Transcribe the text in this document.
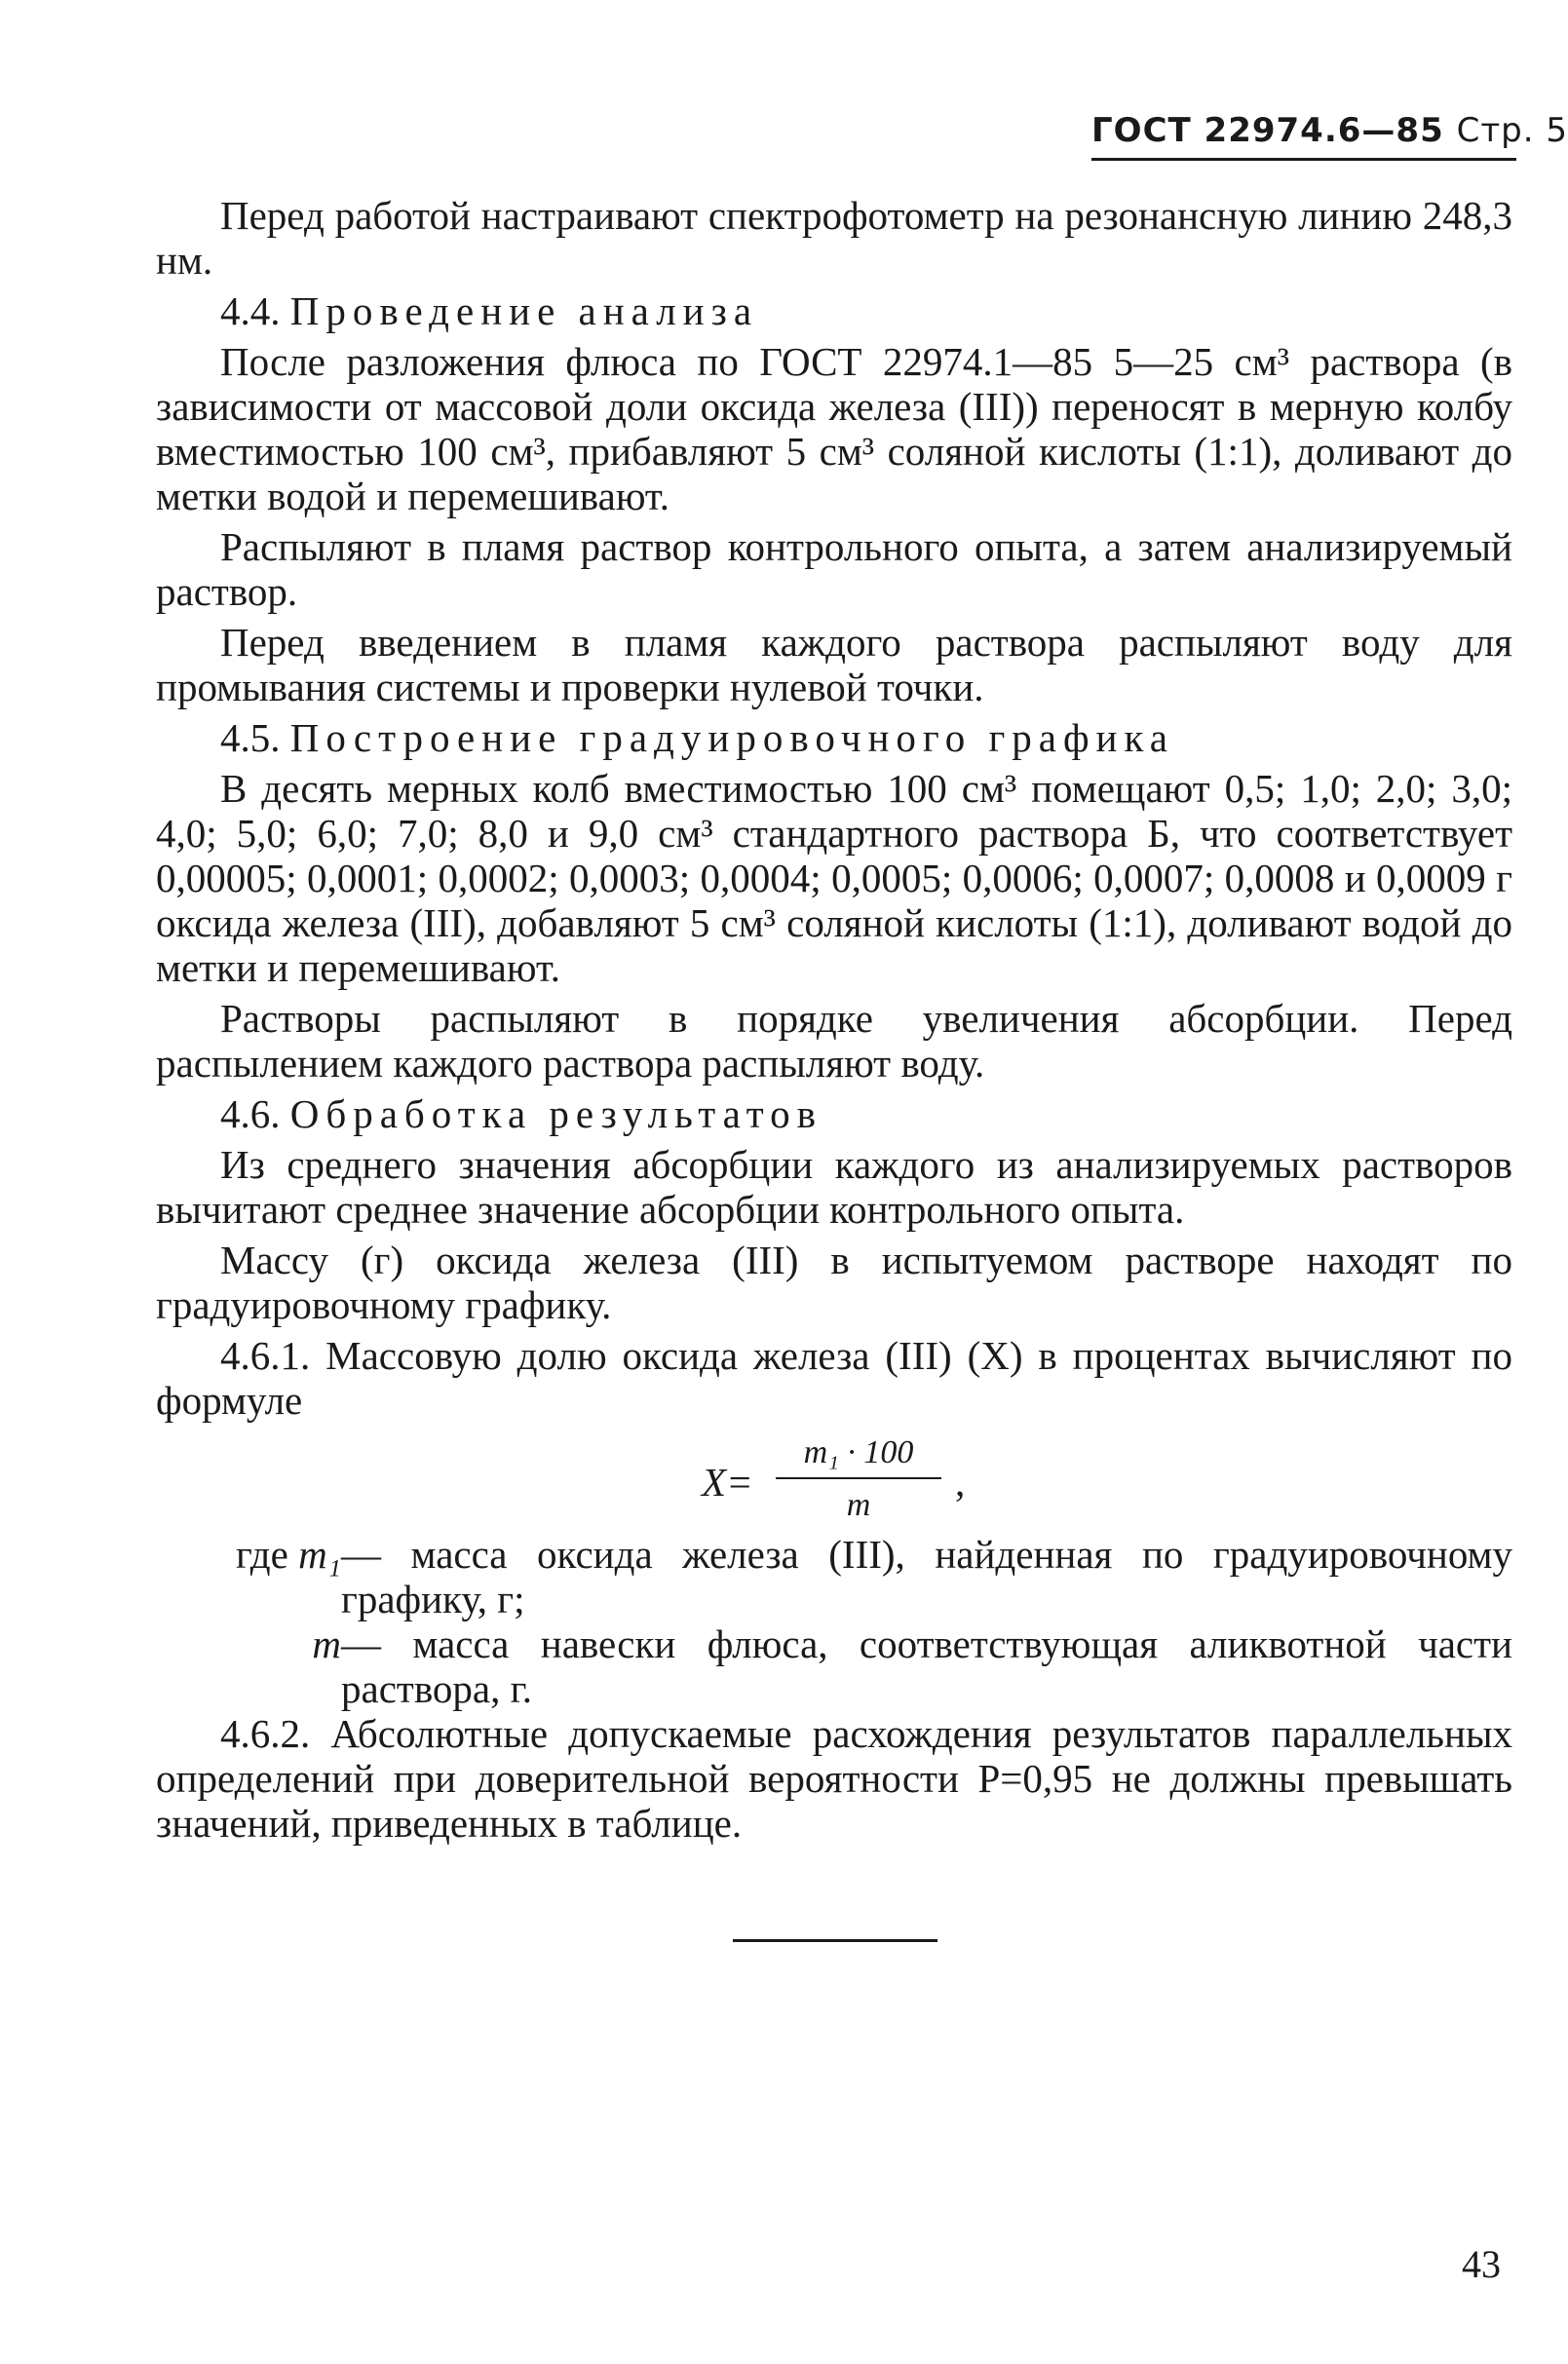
ГОСТ 22974.6—85 Стр. 5

Перед работой настраивают спектрофотометр на резонансную линию 248,3 нм.

4.4. Проведение анализа

После разложения флюса по ГОСТ 22974.1—85 5—25 см³ раствора (в зависимости от массовой доли оксида железа (III)) переносят в мерную колбу вместимостью 100 см³, прибавляют 5 см³ соляной кислоты (1:1), доливают до метки водой и перемешивают.

Распыляют в пламя раствор контрольного опыта, а затем анализируемый раствор.

Перед введением в пламя каждого раствора распыляют воду для промывания системы и проверки нулевой точки.

4.5. Построение градуировочного графика

В десять мерных колб вместимостью 100 см³ помещают 0,5; 1,0; 2,0; 3,0; 4,0; 5,0; 6,0; 7,0; 8,0 и 9,0 см³ стандартного раствора Б, что соответствует 0,00005; 0,0001; 0,0002; 0,0003; 0,0004; 0,0005; 0,0006; 0,0007; 0,0008 и 0,0009 г оксида железа (III), добавляют 5 см³ соляной кислоты (1:1), доливают водой до метки и перемешивают.

Растворы распыляют в порядке увеличения абсорбции. Перед распылением каждого раствора распыляют воду.

4.6. Обработка результатов

Из среднего значения абсорбции каждого из анализируемых растворов вычитают среднее значение абсорбции контрольного опыта.

Массу (г) оксида железа (III) в испытуемом растворе находят по градуировочному графику.

4.6.1. Массовую долю оксида железа (III) (X) в процентах вычисляют по формуле

X=
m₁ · 100
m
,
где m₁ — масса оксида железа (III), найденная по градуировочному графику, г;
m — масса навески флюса, соответствующая аликвотной части раствора, г.

4.6.2. Абсолютные допускаемые расхождения результатов параллельных определений при доверительной вероятности P=0,95 не должны превышать значений, приведенных в таблице.

43
